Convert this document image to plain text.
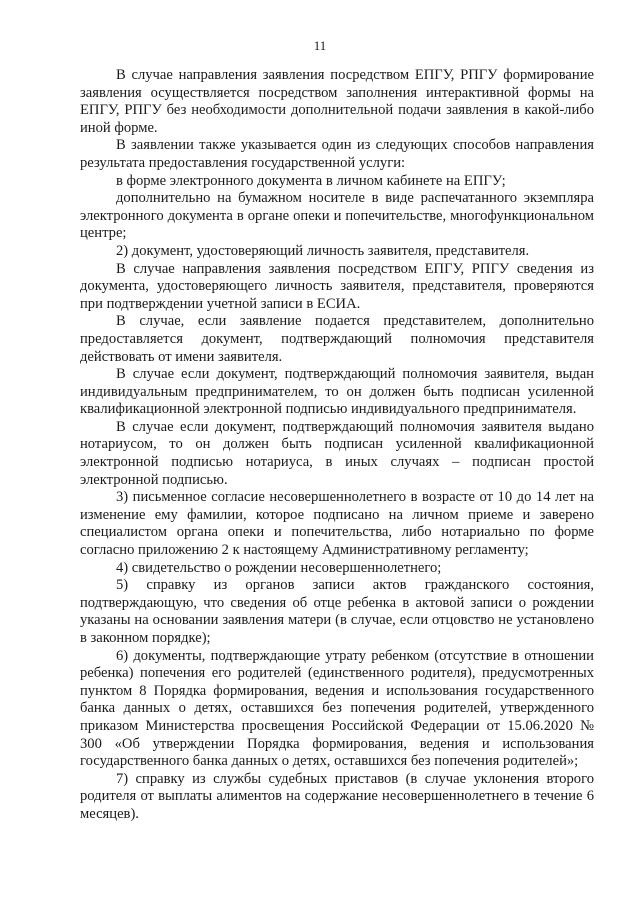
11

В случае направления заявления посредством ЕПГУ, РПГУ формирование заявления осуществляется посредством заполнения интерактивной формы на ЕПГУ, РПГУ без необходимости дополнительной подачи заявления в какой-либо иной форме.

В заявлении также указывается один из следующих способов направления результата предоставления государственной услуги:

в форме электронного документа в личном кабинете на ЕПГУ;

дополнительно на бумажном носителе в виде распечатанного экземпляра электронного документа в органе опеки и попечительстве, многофункциональном центре;

2) документ, удостоверяющий личность заявителя, представителя.

В случае направления заявления посредством ЕПГУ, РПГУ сведения из документа, удостоверяющего личность заявителя, представителя, проверяются при подтверждении учетной записи в ЕСИА.

В случае, если заявление подается представителем, дополнительно предоставляется документ, подтверждающий полномочия представителя действовать от имени заявителя.

В случае если документ, подтверждающий полномочия заявителя, выдан индивидуальным предпринимателем, то он должен быть подписан усиленной квалификационной электронной подписью индивидуального предпринимателя.

В случае если документ, подтверждающий полномочия заявителя выдано нотариусом, то он должен быть подписан усиленной квалификационной электронной подписью нотариуса, в иных случаях – подписан простой электронной подписью.

3) письменное согласие несовершеннолетнего в возрасте от 10 до 14 лет на изменение ему фамилии, которое подписано на личном приеме и заверено специалистом органа опеки и попечительства, либо нотариально по форме согласно приложению 2 к настоящему Административному регламенту;

4) свидетельство о рождении несовершеннолетнего;

5) справку из органов записи актов гражданского состояния, подтверждающую, что сведения об отце ребенка в актовой записи о рождении указаны на основании заявления матери (в случае, если отцовство не установлено в законном порядке);

6) документы, подтверждающие утрату ребенком (отсутствие в отношении ребенка) попечения его родителей (единственного родителя), предусмотренных пунктом 8 Порядка формирования, ведения и использования государственного банка данных о детях, оставшихся без попечения родителей, утвержденного приказом Министерства просвещения Российской Федерации от 15.06.2020 № 300 «Об утверждении Порядка формирования, ведения и использования государственного банка данных о детях, оставшихся без попечения родителей»;

7) справку из службы судебных приставов (в случае уклонения второго родителя от выплаты алиментов на содержание несовершеннолетнего в течение 6 месяцев).
